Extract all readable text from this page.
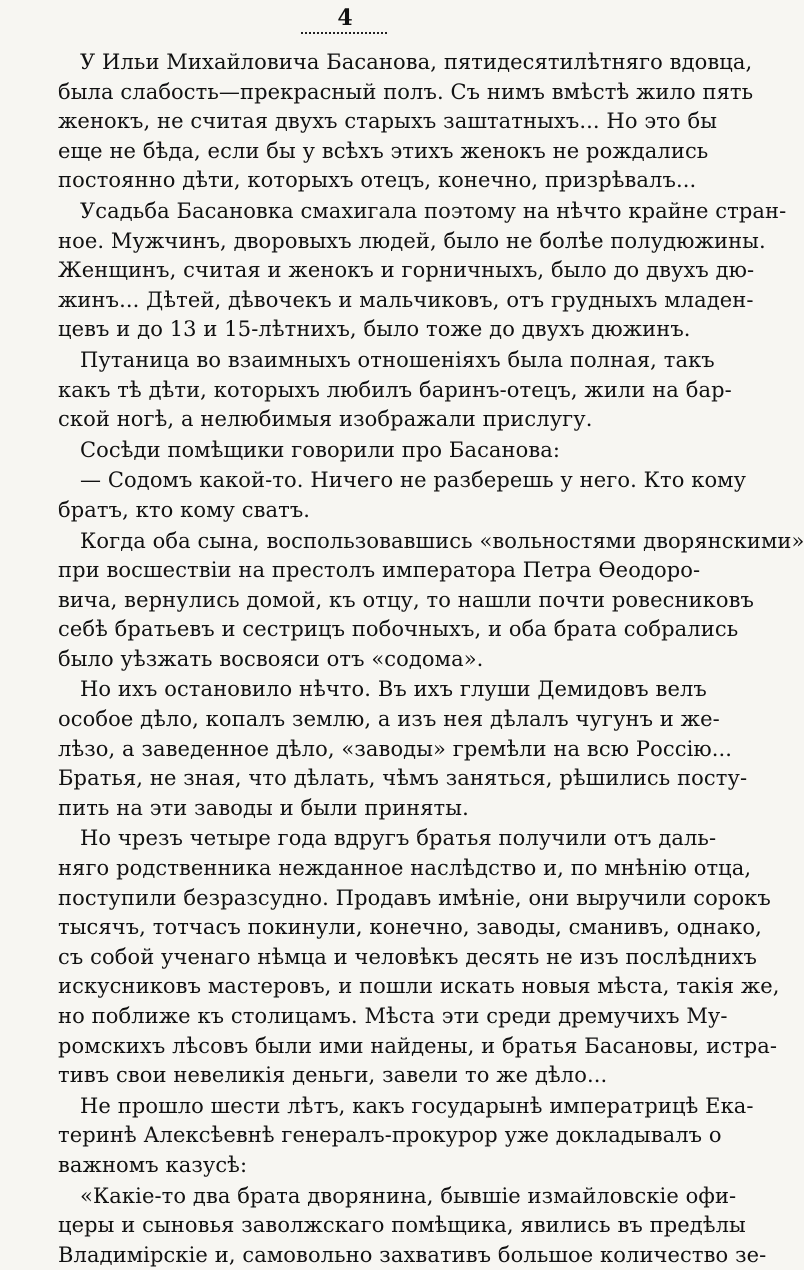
4
У Ильи Михайловича Басанова, пятидесятилѣтняго вдовца,
была слабость—прекрасный полъ. Съ нимъ вмѣстѣ жило пять
женокъ, не считая двухъ старыхъ заштатныхъ... Но это бы
еще не бѣда, если бы у всѣхъ этихъ женокъ не рождались
постоянно дѣти, которыхъ отецъ, конечно, призрѣвалъ...
Усадьба Басановка смахигала поэтому на нѣчто крайне стран-
ное. Мужчинъ, дворовыхъ людей, было не болѣе полудюжины.
Женщинъ, считая и женокъ и горничныхъ, было до двухъ дю-
жинъ... Дѣтей, дѣвочекъ и мальчиковъ, отъ грудныхъ младен-
цевъ и до 13 и 15-лѣтнихъ, было тоже до двухъ дюжинъ.
Путаница во взаимныхъ отношеніяхъ была полная, такъ
какъ тѣ дѣти, которыхъ любилъ баринъ-отецъ, жили на бар-
ской ногѣ, а нелюбимыя изображали прислугу.
Сосѣди помѣщики говорили про Басанова:
— Содомъ какой-то. Ничего не разберешь у него. Кто кому
братъ, кто кому сватъ.
Когда оба сына, воспользовавшись «вольностями дворянскими»
при восшествіи на престолъ императора Петра Өеодоро-
вича, вернулись домой, къ отцу, то нашли почти ровесниковъ
себѣ братьевъ и сестрицъ побочныхъ, и оба брата собрались
было уѣзжать восвояси отъ «содома».
Но ихъ остановило нѣчто. Въ ихъ глуши Демидовъ велъ
особое дѣло, копалъ землю, а изъ нея дѣлалъ чугунъ и же-
лѣзо, а заведенное дѣло, «заводы» гремѣли на всю Россію...
Братья, не зная, что дѣлать, чѣмъ заняться, рѣшились посту-
пить на эти заводы и были приняты.
Но чрезъ четыре года вдругъ братья получили отъ даль-
няго родственника нежданное наслѣдство и, по мнѣнію отца,
поступили безразсудно. Продавъ имѣніе, они выручили сорокъ
тысячъ, тотчасъ покинули, конечно, заводы, сманивъ, однако,
съ собой ученаго нѣмца и человѣкъ десять не изъ послѣднихъ
искусниковъ мастеровъ, и пошли искать новыя мѣста, такія же,
но поближе къ столицамъ. Мѣста эти среди дремучихъ Му-
ромскихъ лѣсовъ были ими найдены, и братья Басановы, истра-
тивъ свои невеликія деньги, завели то же дѣло...
Не прошло шести лѣтъ, какъ государынѣ императрицѣ Ека-
теринѣ Алексѣевнѣ генералъ-прокурор уже докладывалъ о
важномъ казусѣ:
«Какіе-то два брата дворянина, бывшіе измайловскіе офи-
церы и сыновья заволжскаго помѣщика, явились въ предѣлы
Владимірскіе и, самовольно захвативъ большое количество зе-
